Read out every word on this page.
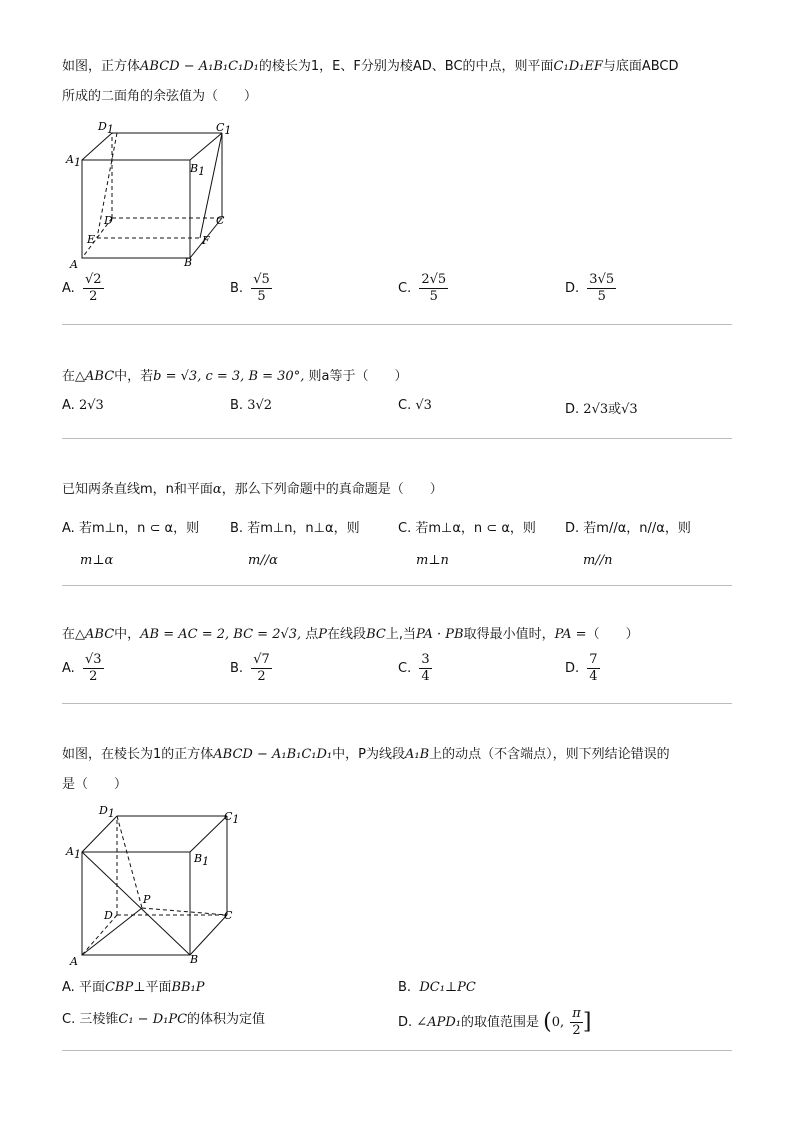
如图，正方体ABCD − A₁B₁C₁D₁的棱长为1，E、F分别为棱AD、BC的中点，则平面C₁D₁EF与底面ABCD
所成的二面角的余弦值为（　　）
D1	C1
A1	B1
D	C
E	F
A	B
A. $\frac{√2}{2}$	B. $\frac{√5}{5}$	C. $\frac{2√5}{5}$	D. $\frac{3√5}{5}$
在△ABC中，若b = √3, c = 3, B = 30°, 则a等于（　　）
A. 2√3	B. 3√2	C. √3	D. 2√3或√3
已知两条直线m，n和平面α，那么下列命题中的真命题是（　　）
A. 若m⊥n，n ⊂ α，则
m⊥α
B. 若m⊥n，n⊥α，则
m//α
C. 若m⊥α，n ⊂ α，则
m⊥n
D. 若m//α，n//α，则
m//n
在△ABC中，AB = AC = 2, BC = 2√3, 点P在线段BC上,当PA · PB取得最小值时，PA =（　　）
A. $\frac{√3}{2}$	B. $\frac{√7}{2}$	C. $\frac{3}{4}$	D. $\frac{7}{4}$
如图，在棱长为1的正方体ABCD − A₁B₁C₁D₁中，P为线段A₁B上的动点（不含端点），则下列结论错误的
是（　　）
D1	C1
A1	B1
D	C
P
A	B
A. 平面CBP⊥平面BB₁P	B. DC₁⊥PC
C. 三棱锥C₁ − D₁PC的体积为定值	D. ∠APD₁的取值范围是 (0, $\frac{\pi}{2}$ ]
